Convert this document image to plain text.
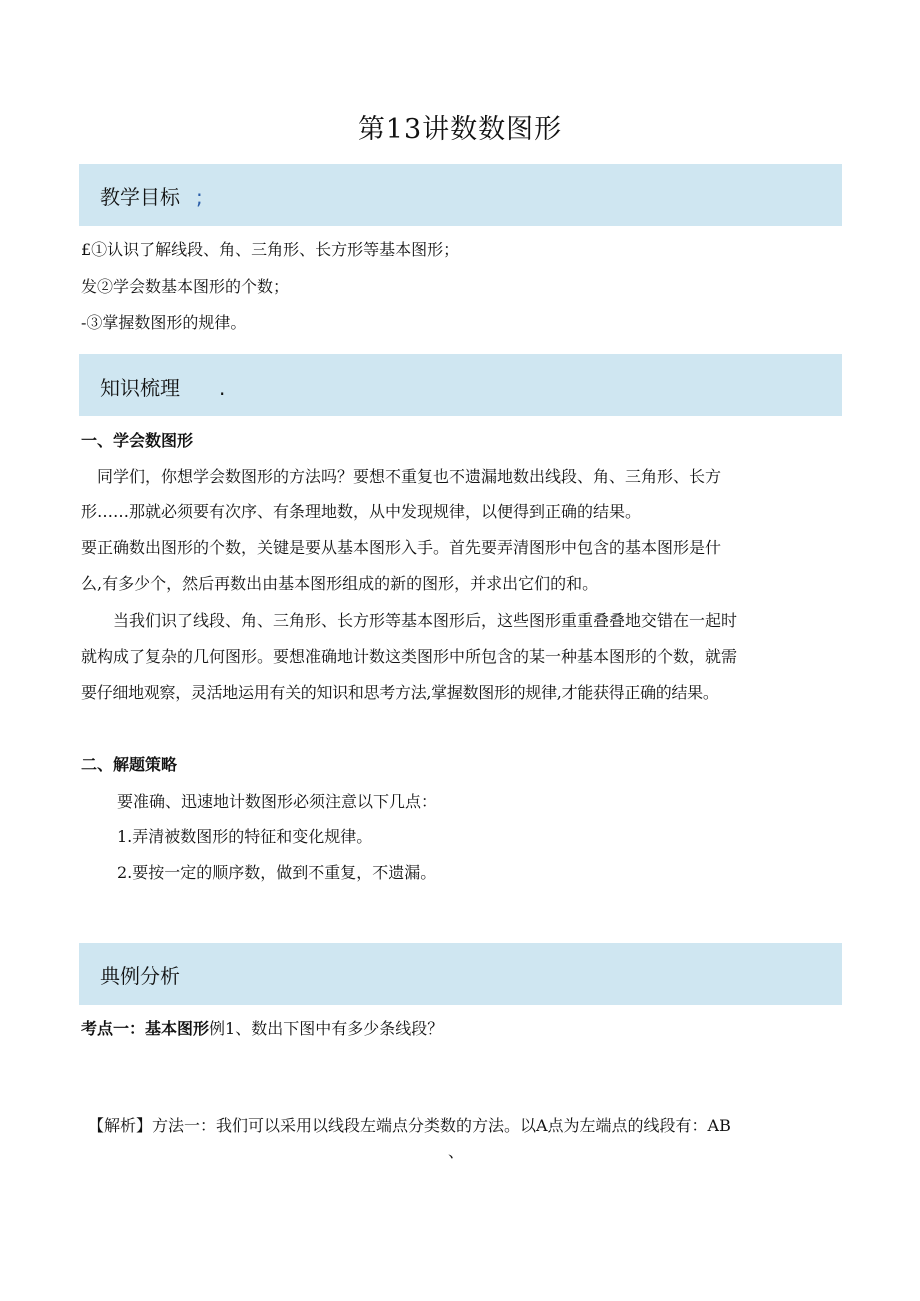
第13讲数数图形
教学目标 ;
£①认识了解线段、角、三角形、长方形等基本图形；
发②学会数基本图形的个数；
-③掌握数图形的规律。
知识梳理 .
一、学会数图形
　同学们，你想学会数图形的方法吗？要想不重复也不遗漏地数出线段、角、三角形、长方
形……那就必须要有次序、有条理地数，从中发现规律，以便得到正确的结果。
要正确数出图形的个数，关键是要从基本图形入手。首先要弄清图形中包含的基本图形是什
么,有多少个，然后再数出由基本图形组成的新的图形，并求出它们的和。
　　当我们识了线段、角、三角形、长方形等基本图形后，这些图形重重叠叠地交错在一起时
就构成了复杂的几何图形。要想准确地计数这类图形中所包含的某一种基本图形的个数，就需
要仔细地观察，灵活地运用有关的知识和思考方法,掌握数图形的规律,才能获得正确的结果。
二、解题策略
要准确、迅速地计数图形必须注意以下几点：
1.弄清被数图形的特征和变化规律。
2.要按一定的顺序数，做到不重复，不遗漏。
典例分析
考点一：基本图形例1、数出下图中有多少条线段？
【解析】方法一：我们可以采用以线段左端点分类数的方法。以A点为左端点的线段有：AB
、
